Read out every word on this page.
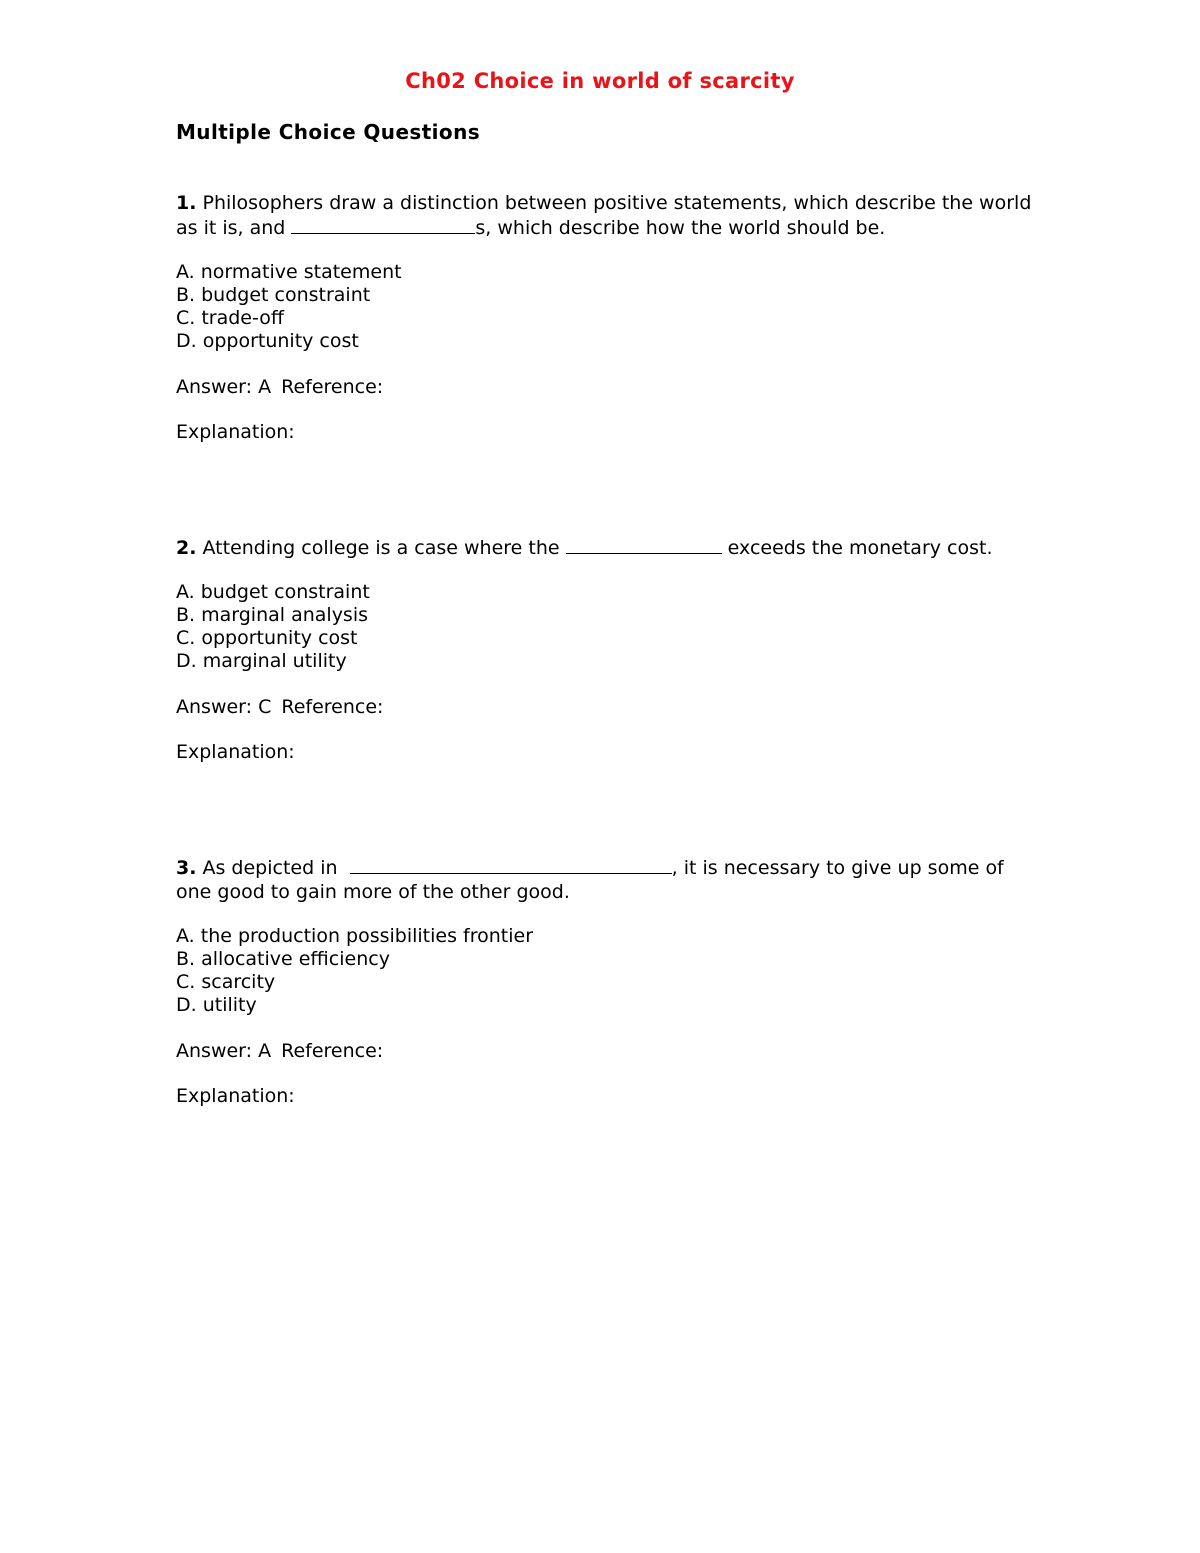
Ch02 Choice in world of scarcity
Multiple Choice Questions

1. Philosophers draw a distinction between positive statements, which describe the world as it is, and	s, which describe how the world should be.

A. normative statement
B. budget constraint
C. trade-off
D. opportunity cost
Answer: A Reference:
Explanation:

2. Attending college is a case where the	exceeds the monetary cost.

A. budget constraint
B. marginal analysis
C. opportunity cost
D. marginal utility
Answer: C Reference:
Explanation:

3. As depicted in	, it is necessary to give up some of one good to gain more of the other good.

A. the production possibilities frontier
B. allocative efficiency
C. scarcity
D. utility
Answer: A Reference:
Explanation:
